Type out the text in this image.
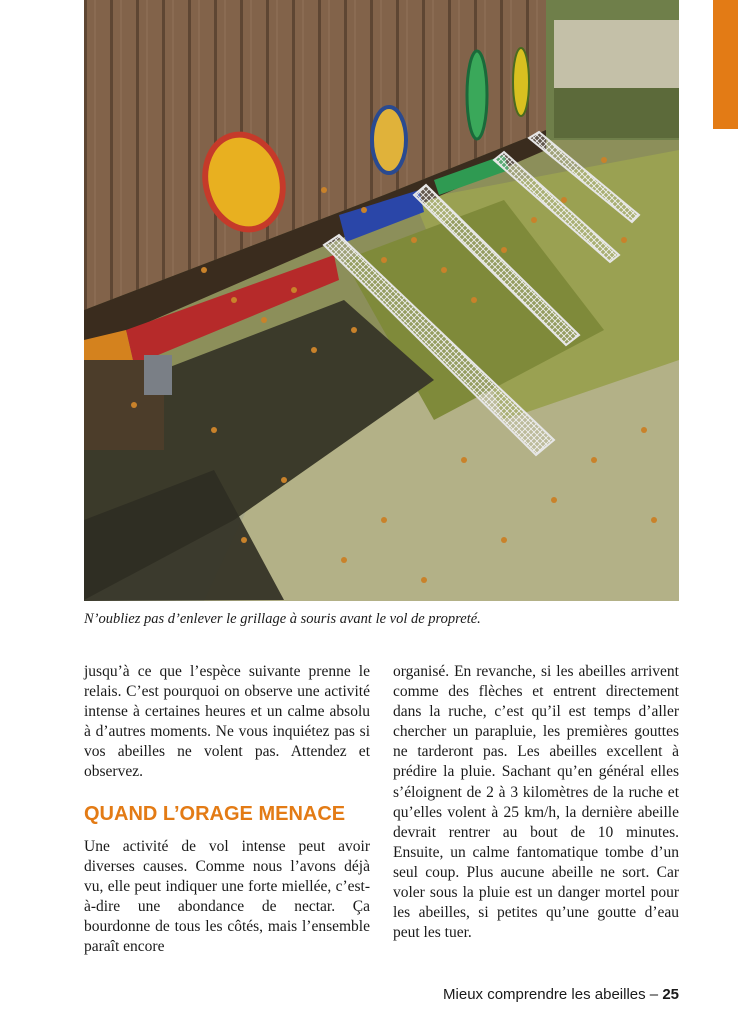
N’oubliez pas d’enlever le grillage à souris avant le vol de propreté.

jusqu’à ce que l’espèce suivante prenne le relais. C’est pourquoi on observe une activité intense à certaines heures et un calme absolu à d’autres moments. Ne vous inquiétez pas si vos abeilles ne volent pas. Attendez et observez.

QUAND L’ORAGE MENACE

Une activité de vol intense peut avoir diverses causes. Comme nous l’avons déjà vu, elle peut indiquer une forte miellée, c’est-à-dire une abondance de nectar. Ça bourdonne de tous les côtés, mais l’ensemble paraît encore

organisé. En revanche, si les abeilles arrivent comme des flèches et entrent directement dans la ruche, c’est qu’il est temps d’aller chercher un parapluie, les premières gouttes ne tarderont pas. Les abeilles excellent à prédire la pluie. Sachant qu’en général elles s’éloignent de 2 à 3 kilomètres de la ruche et qu’elles volent à 25 km/h, la dernière abeille devrait rentrer au bout de 10 minutes. Ensuite, un calme fantomatique tombe d’un seul coup. Plus aucune abeille ne sort. Car voler sous la pluie est un danger mortel pour les abeilles, si petites qu’une goutte d’eau peut les tuer.

Mieux comprendre les abeilles – 25
